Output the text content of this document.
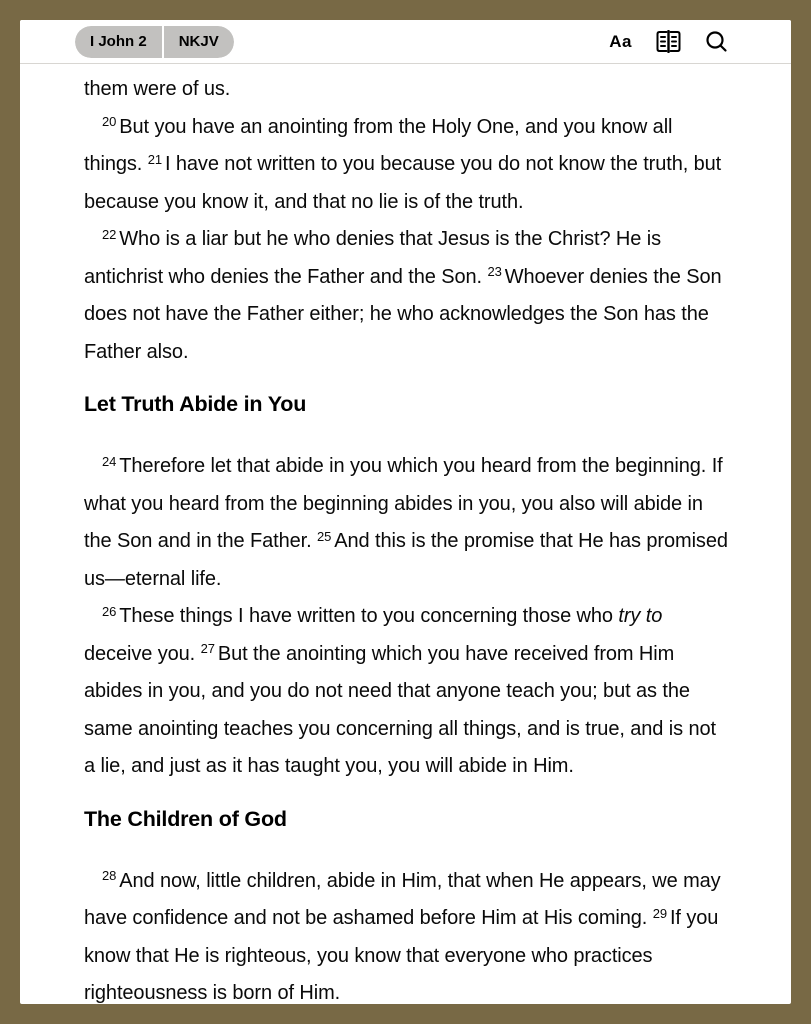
I John 2	NKJV	Aa

them were of us.

$^{20}$ But you have an anointing from the Holy One, and you know all things. $^{21}$ I have not written to you because you do not know the truth, but because you know it, and that no lie is of the truth.

$^{22}$ Who is a liar but he who denies that Jesus is the Christ? He is antichrist who denies the Father and the Son. $^{23}$ Whoever denies the Son does not have the Father either; he who acknowledges the Son has the Father also.

Let Truth Abide in You

$^{24}$ Therefore let that abide in you which you heard from the beginning. If what you heard from the beginning abides in you, you also will abide in the Son and in the Father. $^{25}$ And this is the promise that He has promised us—eternal life.

$^{26}$ These things I have written to you concerning those who try to deceive you. $^{27}$ But the anointing which you have received from Him abides in you, and you do not need that anyone teach you; but as the same anointing teaches you concerning all things, and is true, and is not a lie, and just as it has taught you, you will abide in Him.

The Children of God

$^{28}$ And now, little children, abide in Him, that when He appears, we may have confidence and not be ashamed before Him at His coming. $^{29}$ If you know that He is righteous, you know that everyone who practices righteousness is born of Him.
